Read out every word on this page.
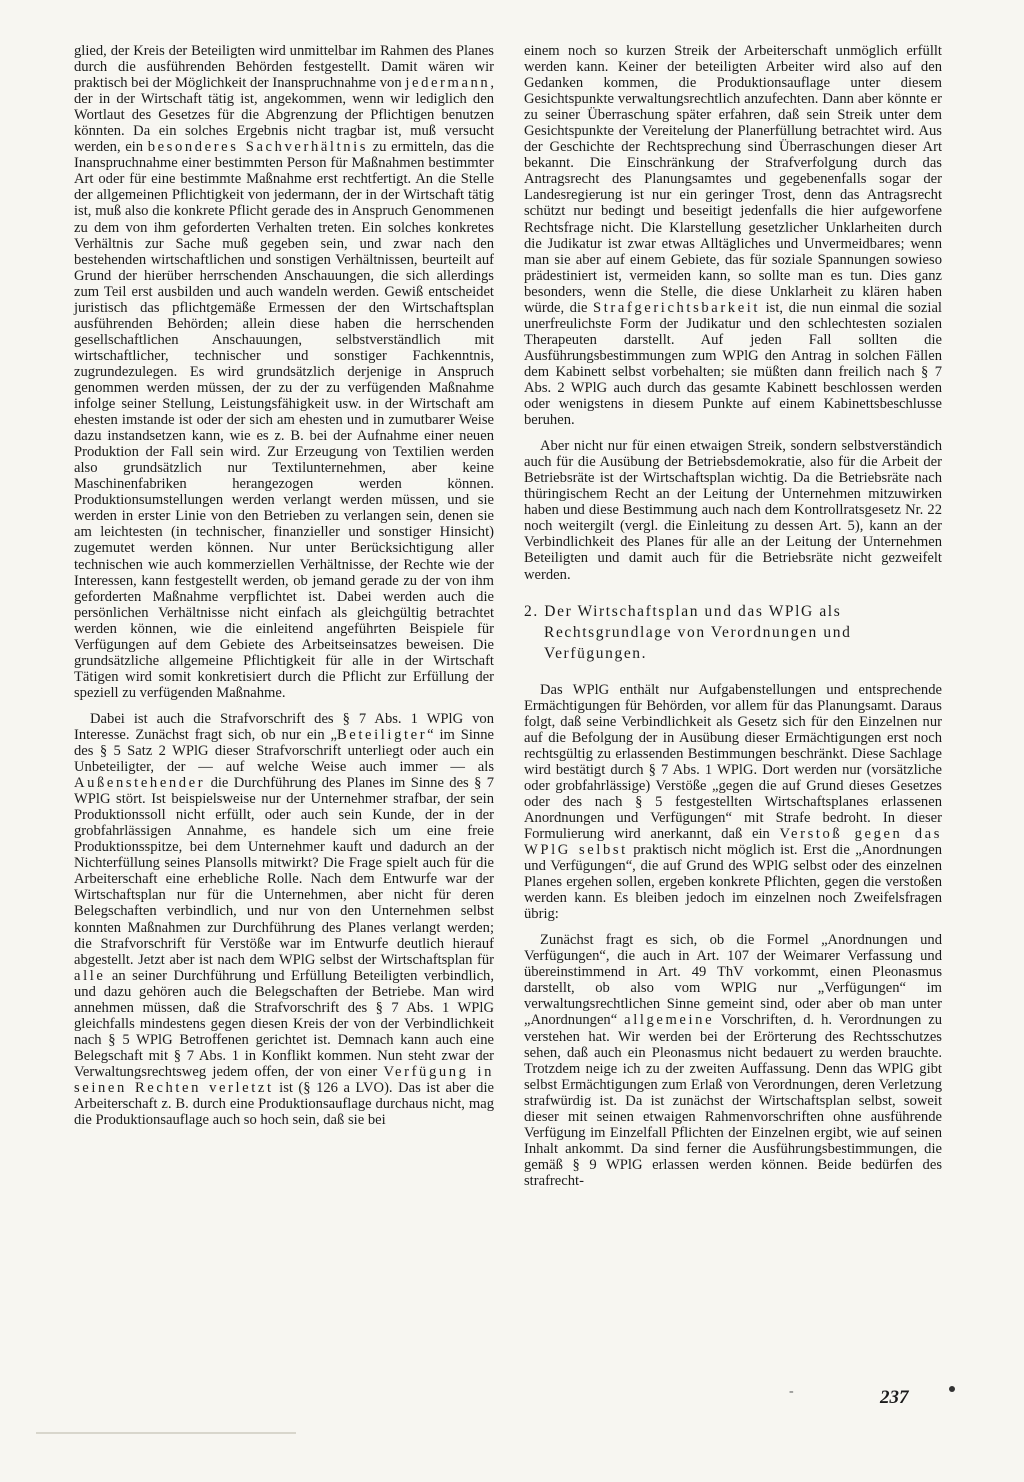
glied, der Kreis der Beteiligten wird unmittelbar im Rahmen des Planes durch die ausführenden Behörden festgestellt. Damit wären wir praktisch bei der Möglichkeit der Inanspruchnahme von jedermann, der in der Wirtschaft tätig ist, angekommen, wenn wir lediglich den Wortlaut des Gesetzes für die Abgrenzung der Pflichtigen benutzen könnten. Da ein solches Ergebnis nicht tragbar ist, muß versucht werden, ein besonderes Sachverhältnis zu ermitteln, das die Inanspruchnahme einer bestimmten Person für Maßnahmen bestimmter Art oder für eine bestimmte Maßnahme erst rechtfertigt. An die Stelle der allgemeinen Pflichtigkeit von jedermann, der in der Wirtschaft tätig ist, muß also die konkrete Pflicht gerade des in Anspruch Genommenen zu dem von ihm geforderten Verhalten treten. Ein solches konkretes Verhältnis zur Sache muß gegeben sein, und zwar nach den bestehenden wirtschaftlichen und sonstigen Verhältnissen, beurteilt auf Grund der hierüber herrschenden Anschauungen, die sich allerdings zum Teil erst ausbilden und auch wandeln werden. Gewiß entscheidet juristisch das pflichtgemäße Ermessen der den Wirtschaftsplan ausführenden Behörden; allein diese haben die herrschenden gesellschaftlichen Anschauungen, selbstverständlich mit wirtschaftlicher, technischer und sonstiger Fachkenntnis, zugrundezulegen. Es wird grundsätzlich derjenige in Anspruch genommen werden müssen, der zu der zu verfügenden Maßnahme infolge seiner Stellung, Leistungsfähigkeit usw. in der Wirtschaft am ehesten imstande ist oder der sich am ehesten und in zumutbarer Weise dazu instandsetzen kann, wie es z. B. bei der Aufnahme einer neuen Produktion der Fall sein wird. Zur Erzeugung von Textilien werden also grundsätzlich nur Textilunternehmen, aber keine Maschinenfabriken herangezogen werden können. Produktionsumstellungen werden verlangt werden müssen, und sie werden in erster Linie von den Betrieben zu verlangen sein, denen sie am leichtesten (in technischer, finanzieller und sonstiger Hinsicht) zugemutet werden können. Nur unter Berücksichtigung aller technischen wie auch kommerziellen Verhältnisse, der Rechte wie der Interessen, kann festgestellt werden, ob jemand gerade zu der von ihm geforderten Maßnahme verpflichtet ist. Dabei werden auch die persönlichen Verhältnisse nicht einfach als gleichgültig betrachtet werden können, wie die einleitend angeführten Beispiele für Verfügungen auf dem Gebiete des Arbeitseinsatzes beweisen. Die grundsätzliche allgemeine Pflichtigkeit für alle in der Wirtschaft Tätigen wird somit konkretisiert durch die Pflicht zur Erfüllung der speziell zu verfügenden Maßnahme.

Dabei ist auch die Strafvorschrift des § 7 Abs. 1 WPlG von Interesse. Zunächst fragt sich, ob nur ein „Beteiligter“ im Sinne des § 5 Satz 2 WPlG dieser Strafvorschrift unterliegt oder auch ein Unbeteiligter, der — auf welche Weise auch immer — als Außenstehender die Durchführung des Planes im Sinne des § 7 WPlG stört. Ist beispielsweise nur der Unternehmer strafbar, der sein Produktionssoll nicht erfüllt, oder auch sein Kunde, der in der grobfahrlässigen Annahme, es handele sich um eine freie Produktionsspitze, bei dem Unternehmer kauft und dadurch an der Nichterfüllung seines Plansolls mitwirkt? Die Frage spielt auch für die Arbeiterschaft eine erhebliche Rolle. Nach dem Entwurfe war der Wirtschaftsplan nur für die Unternehmen, aber nicht für deren Belegschaften verbindlich, und nur von den Unternehmen selbst konnten Maßnahmen zur Durchführung des Planes verlangt werden; die Strafvorschrift für Verstöße war im Entwurfe deutlich hierauf abgestellt. Jetzt aber ist nach dem WPlG selbst der Wirtschaftsplan für alle an seiner Durchführung und Erfüllung Beteiligten verbindlich, und dazu gehören auch die Belegschaften der Betriebe. Man wird annehmen müssen, daß die Strafvorschrift des § 7 Abs. 1 WPlG gleichfalls mindestens gegen diesen Kreis der von der Verbindlichkeit nach § 5 WPlG Betroffenen gerichtet ist. Demnach kann auch eine Belegschaft mit § 7 Abs. 1 in Konflikt kommen. Nun steht zwar der Verwaltungsrechtsweg jedem offen, der von einer Verfügung in seinen Rechten verletzt ist (§ 126 a LVO). Das ist aber die Arbeiterschaft z. B. durch eine Produktionsauflage durchaus nicht, mag die Produktionsauflage auch so hoch sein, daß sie bei

einem noch so kurzen Streik der Arbeiterschaft unmöglich erfüllt werden kann. Keiner der beteiligten Arbeiter wird also auf den Gedanken kommen, die Produktionsauflage unter diesem Gesichtspunkte verwaltungsrechtlich anzufechten. Dann aber könnte er zu seiner Überraschung später erfahren, daß sein Streik unter dem Gesichtspunkte der Vereitelung der Planerfüllung betrachtet wird. Aus der Geschichte der Rechtsprechung sind Überraschungen dieser Art bekannt. Die Einschränkung der Strafverfolgung durch das Antragsrecht des Planungsamtes und gegebenenfalls sogar der Landesregierung ist nur ein geringer Trost, denn das Antragsrecht schützt nur bedingt und beseitigt jedenfalls die hier aufgeworfene Rechtsfrage nicht. Die Klarstellung gesetzlicher Unklarheiten durch die Judikatur ist zwar etwas Alltägliches und Unvermeidbares; wenn man sie aber auf einem Gebiete, das für soziale Spannungen sowieso prädestiniert ist, vermeiden kann, so sollte man es tun. Dies ganz besonders, wenn die Stelle, die diese Unklarheit zu klären haben würde, die Strafgerichtsbarkeit ist, die nun einmal die sozial unerfreulichste Form der Judikatur und den schlechtesten sozialen Therapeuten darstellt. Auf jeden Fall sollten die Ausführungsbestimmungen zum WPlG den Antrag in solchen Fällen dem Kabinett selbst vorbehalten; sie müßten dann freilich nach § 7 Abs. 2 WPlG auch durch das gesamte Kabinett beschlossen werden oder wenigstens in diesem Punkte auf einem Kabinettsbeschlusse beruhen.

Aber nicht nur für einen etwaigen Streik, sondern selbstverständich auch für die Ausübung der Betriebsdemokratie, also für die Arbeit der Betriebsräte ist der Wirtschaftsplan wichtig. Da die Betriebsräte nach thüringischem Recht an der Leitung der Unternehmen mitzuwirken haben und diese Bestimmung auch nach dem Kontrollratsgesetz Nr. 22 noch weitergilt (vergl. die Einleitung zu dessen Art. 5), kann an der Verbindlichkeit des Planes für alle an der Leitung der Unternehmen Beteiligten und damit auch für die Betriebsräte nicht gezweifelt werden.

2. Der Wirtschaftsplan und das WPlG als Rechtsgrundlage von Verordnungen und Verfügungen.

Das WPlG enthält nur Aufgabenstellungen und entsprechende Ermächtigungen für Behörden, vor allem für das Planungsamt. Daraus folgt, daß seine Verbindlichkeit als Gesetz sich für den Einzelnen nur auf die Befolgung der in Ausübung dieser Ermächtigungen erst noch rechtsgültig zu erlassenden Bestimmungen beschränkt. Diese Sachlage wird bestätigt durch § 7 Abs. 1 WPlG. Dort werden nur (vorsätzliche oder grobfahrlässige) Verstöße „gegen die auf Grund dieses Gesetzes oder des nach § 5 festgestellten Wirtschaftsplanes erlassenen Anordnungen und Verfügungen“ mit Strafe bedroht. In dieser Formulierung wird anerkannt, daß ein Verstoß gegen das WPlG selbst praktisch nicht möglich ist. Erst die „Anordnungen und Verfügungen“, die auf Grund des WPlG selbst oder des einzelnen Planes ergehen sollen, ergeben konkrete Pflichten, gegen die verstoßen werden kann. Es bleiben jedoch im einzelnen noch Zweifelsfragen übrig:

Zunächst fragt es sich, ob die Formel „Anordnungen und Verfügungen“, die auch in Art. 107 der Weimarer Verfassung und übereinstimmend in Art. 49 ThV vorkommt, einen Pleonasmus darstellt, ob also vom WPlG nur „Verfügungen“ im verwaltungsrechtlichen Sinne gemeint sind, oder aber ob man unter „Anordnungen“ allgemeine Vorschriften, d. h. Verordnungen zu verstehen hat. Wir werden bei der Erörterung des Rechtsschutzes sehen, daß auch ein Pleonasmus nicht bedauert zu werden brauchte. Trotzdem neige ich zu der zweiten Auffassung. Denn das WPlG gibt selbst Ermächtigungen zum Erlaß von Verordnungen, deren Verletzung strafwürdig ist. Da ist zunächst der Wirtschaftsplan selbst, soweit dieser mit seinen etwaigen Rahmenvorschriften ohne ausführende Verfügung im Einzelfall Pflichten der Einzelnen ergibt, wie auf seinen Inhalt ankommt. Da sind ferner die Ausführungsbestimmungen, die gemäß § 9 WPlG erlassen werden können. Beide bedürfen des strafrecht-

-	237
